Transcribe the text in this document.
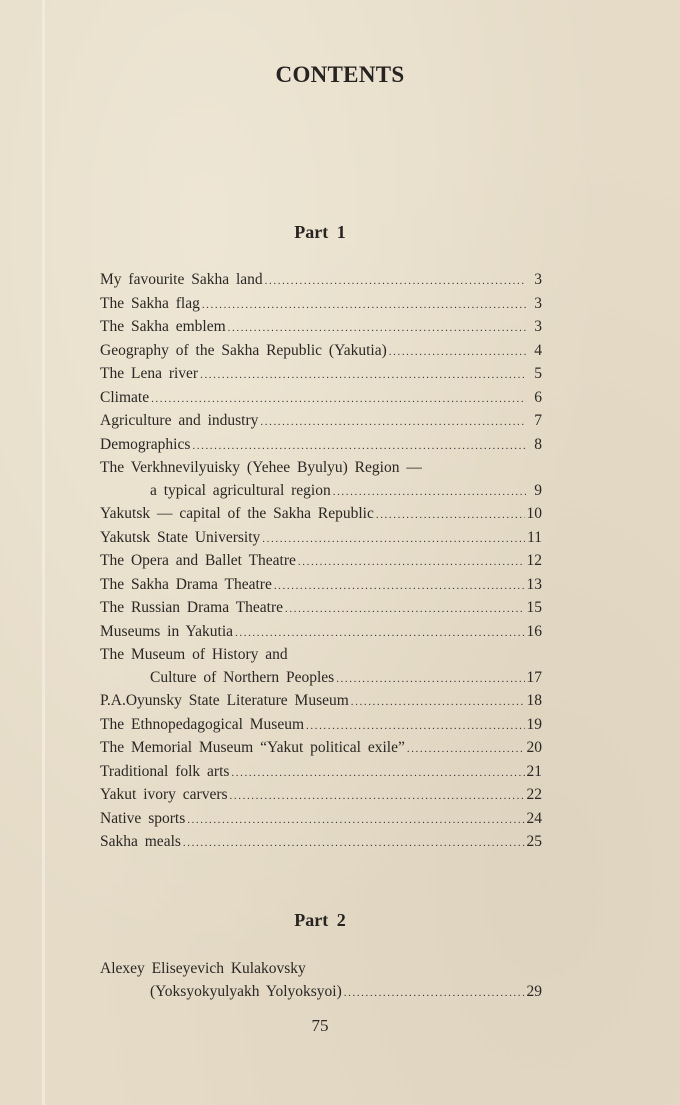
CONTENTS
Part 1
My favourite Sakha land .....	3
The Sakha flag .....	3
The Sakha emblem .....	3
Geography of the Sakha Republic (Yakutia) .....	4
The Lena river .....	5
Climate .....	6
Agriculture and industry .....	7
Demographics .....	8
The Verkhnevilyuisky (Yehee Byulyu) Region —
a typical agricultural region .....	9
Yakutsk — capital of the Sakha Republic .....	10
Yakutsk State University .....	11
The Opera and Ballet Theatre .....	12
The Sakha Drama Theatre .....	13
The Russian Drama Theatre .....	15
Museums in Yakutia .....	16
The Museum of History and
Culture of Northern Peoples .....	17
P.A.Oyunsky State Literature Museum .....	18
The Ethnopedagogical Museum .....	19
The Memorial Museum “Yakut political exile” .....	20
Traditional folk arts .....	21
Yakut ivory carvers .....	22
Native sports .....	24
Sakha meals .....	25
Part 2
Alexey Eliseyevich Kulakovsky
(Yoksyokyulyakh Yolyoksyoi) .....	29
75
